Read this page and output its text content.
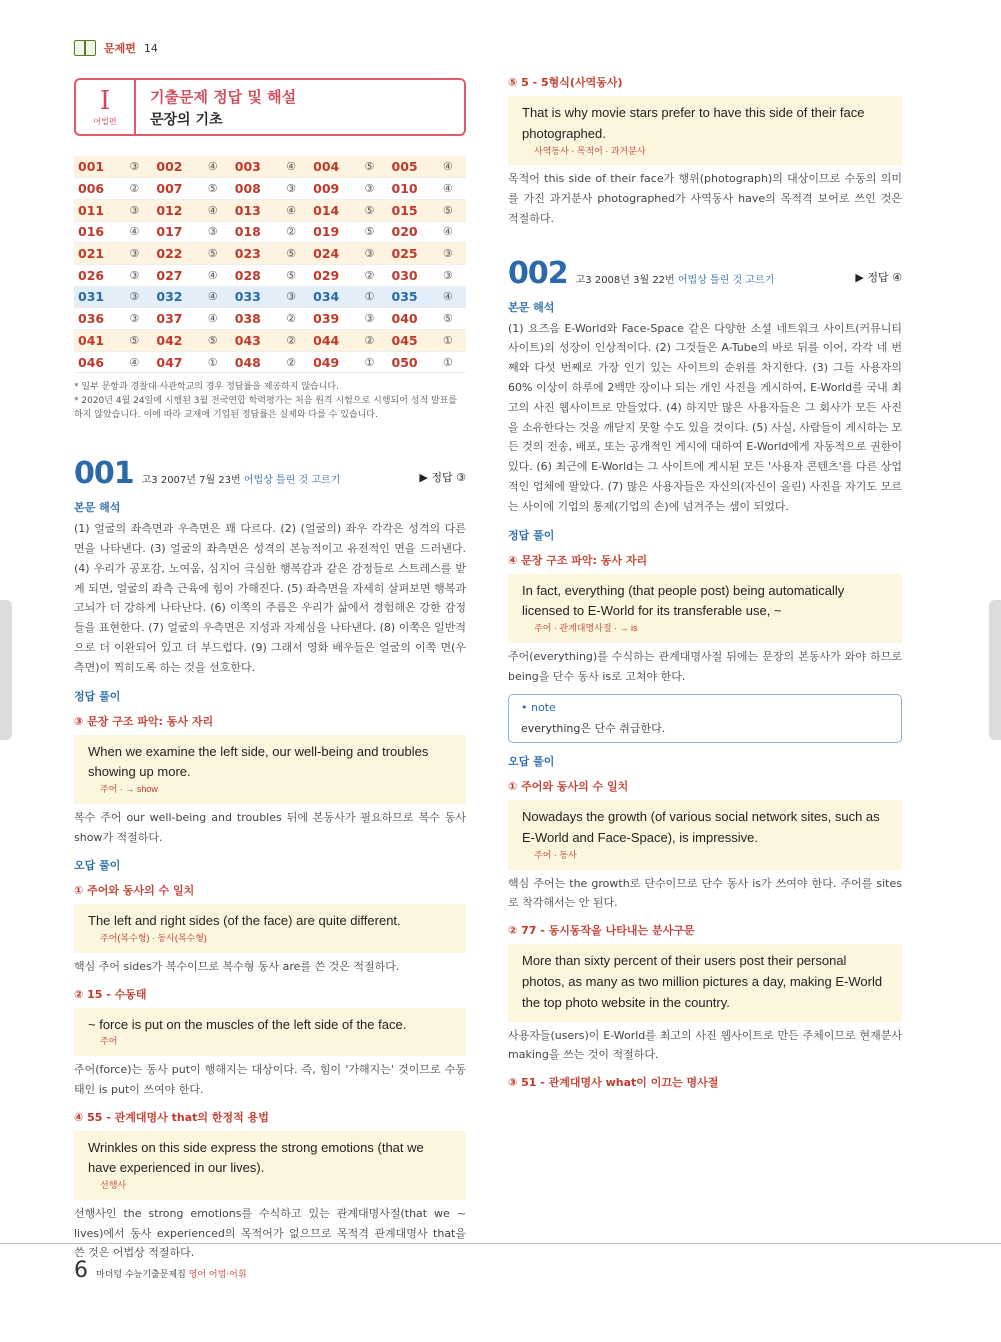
문제편 14
I
어법편
기출문제 정답 및 해설
문장의 기초
001	③	002	④	003	④	004	⑤	005	④
006	②	007	⑤	008	③	009	③	010	④
011	③	012	④	013	④	014	⑤	015	⑤
016	④	017	③	018	②	019	⑤	020	④
021	③	022	⑤	023	⑤	024	③	025	③
026	③	027	④	028	⑤	029	②	030	③
031	③	032	④	033	③	034	①	035	④
036	③	037	④	038	②	039	③	040	⑤
041	⑤	042	⑤	043	②	044	②	045	①
046	④	047	①	048	②	049	①	050	①
* 일부 문항과 경찰대·사관학교의 경우 정답률을 제공하지 않습니다.
* 2020년 4월 24일에 시행된 3월 전국연합 학력평가는 처음 원격 시험으로 시행되어 성적 발표를 하지 않았습니다. 이에 따라 교재에 기입된 정답률은 실제와 다를 수 있습니다.
001 고3 2007년 7월 23번 어법상 틀린 것 고르기	▶ 정답 ③
본문 해석
(1) 얼굴의 좌측면과 우측면은 꽤 다르다. (2) (얼굴의) 좌우 각각은 성격의 다른 면을 나타낸다. (3) 얼굴의 좌측면은 성격의 본능적이고 유전적인 면을 드러낸다. (4) 우리가 공포감, 노여움, 심지어 극심한 행복감과 같은 감정들로 스트레스를 받게 되면, 얼굴의 좌측 근육에 힘이 가해진다. (5) 좌측면을 자세히 살펴보면 행복과 고뇌가 더 강하게 나타난다. (6) 이쪽의 주름은 우리가 삶에서 경험해온 강한 감정들을 표현한다. (7) 얼굴의 우측면은 지성과 자제심을 나타낸다. (8) 이쪽은 일반적으로 더 이완되어 있고 더 부드럽다. (9) 그래서 영화 배우들은 얼굴의 이쪽 면(우측면)이 찍히도록 하는 것을 선호한다.
정답 풀이
③ 문장 구조 파악: 동사 자리
When we examine the left side, our well-being and troubles showing up more.
주어 · → show
복수 주어 our well-being and troubles 뒤에 본동사가 필요하므로 복수 동사 show가 적절하다.
오답 풀이
① 주어와 동사의 수 일치
The left and right sides (of the face) are quite different.
주어(복수형) · 동사(복수형)
핵심 주어 sides가 복수이므로 복수형 동사 are를 쓴 것은 적절하다.
② 15 - 수동태
~ force is put on the muscles of the left side of the face.
주어
주어(force)는 동사 put이 행해지는 대상이다. 즉, 힘이 '가해지는' 것이므로 수동태인 is put이 쓰여야 한다.
④ 55 - 관계대명사 that의 한정적 용법
Wrinkles on this side express the strong emotions (that we have experienced in our lives).
선행사
선행사인 the strong emotions를 수식하고 있는 관계대명사절(that we ~ lives)에서 동사 experienced의 목적어가 없으므로 목적격 관계대명사 that을 쓴 것은 어법상 적절하다.
⑤ 5 - 5형식(사역동사)
That is why movie stars prefer to have this side of their face photographed.
사역동사 · 목적어 · 과거분사
목적어 this side of their face가 행위(photograph)의 대상이므로 수동의 의미를 가진 과거분사 photographed가 사역동사 have의 목적격 보어로 쓰인 것은 적절하다.
002 고3 2008년 3월 22번 어법상 틀린 것 고르기	▶ 정답 ④
본문 해석
(1) 요즈음 E-World와 Face-Space 같은 다양한 소셜 네트워크 사이트(커뮤니티 사이트)의 성장이 인상적이다. (2) 그것들은 A-Tube의 바로 뒤를 이어, 각각 네 번째와 다섯 번째로 가장 인기 있는 사이트의 순위를 차지한다. (3) 그들 사용자의 60% 이상이 하루에 2백만 장이나 되는 개인 사진을 게시하여, E-World를 국내 최고의 사진 웹사이트로 만들었다. (4) 하지만 많은 사용자들은 그 회사가 모든 사진을 소유한다는 것을 깨닫지 못할 수도 있을 것이다. (5) 사실, 사람들이 게시하는 모든 것의 전송, 배포, 또는 공개적인 게시에 대하여 E-World에게 자동적으로 권한이 있다. (6) 최근에 E-World는 그 사이트에 게시된 모든 '사용자 콘텐츠'를 다른 상업적인 업체에 팔았다. (7) 많은 사용자들은 자신의(자신이 올린) 사진을 자기도 모르는 사이에 기업의 통제(기업의 손)에 넘겨주는 셈이 되었다.
정답 풀이
④ 문장 구조 파악: 동사 자리
In fact, everything (that people post) being automatically licensed to E-World for its transferable use, ~
주어 · 관계대명사절 · → is
주어(everything)를 수식하는 관계대명사절 뒤에는 문장의 본동사가 와야 하므로 being을 단수 동사 is로 고쳐야 한다.
• note
everything은 단수 취급한다.
오답 풀이
① 주어와 동사의 수 일치
Nowadays the growth (of various social network sites, such as E-World and Face-Space), is impressive.
주어 · 동사
핵심 주어는 the growth로 단수이므로 단수 동사 is가 쓰여야 한다. 주어를 sites로 착각해서는 안 된다.
② 77 - 동시동작을 나타내는 분사구문
More than sixty percent of their users post their personal photos, as many as two million pictures a day, making E-World the top photo website in the country.
사용자들(users)이 E-World를 최고의 사진 웹사이트로 만든 주체이므로 현재분사 making을 쓰는 것이 적절하다.
③ 51 - 관계대명사 what이 이끄는 명사절
6 마더텅 수능기출문제집 영어 어법·어휘
